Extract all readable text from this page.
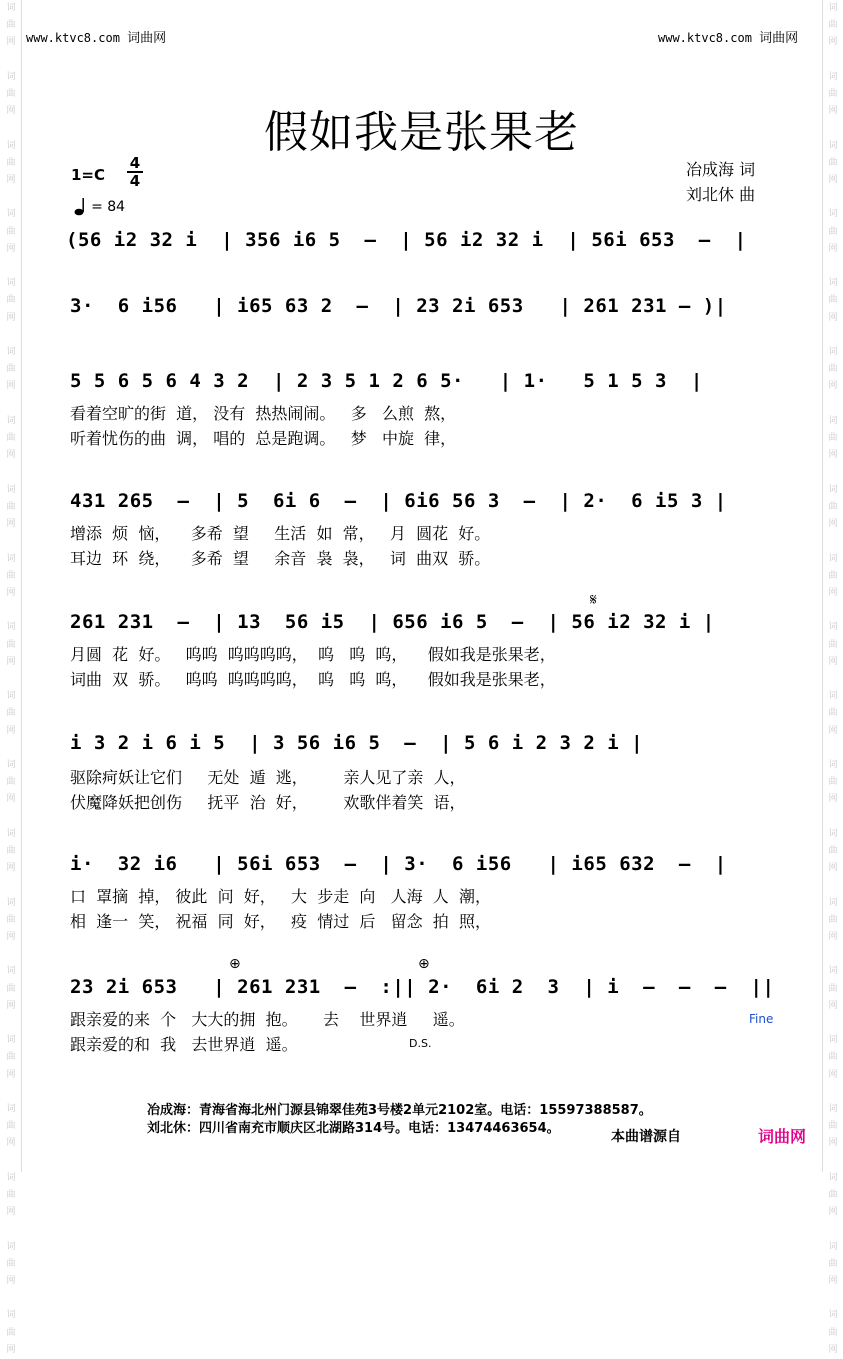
词
曲
网

词
曲
网

词
曲
网

词
曲
网

词
曲
网

词
曲
网

词
曲
网

词
曲
网

词
曲
网

词
曲
网

词
曲
网

词
曲
网

词
曲
网

词
曲
网

词
曲
网

词
曲
网

词
曲
网

词
曲
网

词
曲
网

词
曲
网

词
曲
网

词
曲
网

词
曲
网

词
曲
网

词
曲
网

词
曲
网

词
曲
网

词
曲
网

词
曲
网

词
曲
网

词
曲
网

词
曲
网

词
曲
网

词
曲
网

词
曲
网

词
曲
网

词
曲
网

词
曲
网

词
曲
网

词
曲
网

www.ktvc8.com 词曲网	www.ktvc8.com 词曲网
假如我是张果老
1=C
4
4
= 84
冶成海 词
刘北休 曲
(56 i2 32 i  | 356 i6 5  –  | 56 i2 32 i  | 56i 653  –  |
3·  6 i56   | i65 63 2  –  | 23 2i 653   | 261 231 – )|
5 5 6 5 6 4 3 2  | 2 3 5 1 2 6 5·   | 1·   5 1 5 3  |
看着空旷的街  道， 没有  热热闹闹。   多   么煎  熬，
听着忧伤的曲  调， 唱的  总是跑调。   梦   中旋  律，
431 265  –  | 5  6i 6  –  | 6i6 56 3  –  | 2·  6 i5 3 |
增添  烦  恼，    多希  望     生活  如  常，   月  圆花  好。
耳边  环  绕，    多希  望     余音  袅  袅，   词  曲双  骄。
𝄋
261 231  –  | 13  56 i5  | 656 i6 5  –  | 56 i2 32 i |
月圆  花  好。   呜呜  呜呜呜呜，  呜   呜  呜，    假如我是张果老，
词曲  双  骄。   呜呜  呜呜呜呜，  呜   呜  呜，    假如我是张果老，
i 3 2 i 6 i 5  | 3 56 i6 5  –  | 5 6 i 2 3 2 i |
驱除疴妖让它们     无处  遁  逃，       亲人见了亲  人，
伏魔降妖把创伤     抚平  治  好，       欢歌伴着笑  语，
i·  32 i6   | 56i 653  –  | 3·  6 i56   | i65 632  –  |
口  罩摘  掉， 彼此  问  好，   大  步走  向   人海  人  潮，
相  逢一  笑， 祝福  同  好，   疫  情过  后   留念  拍  照，
⊕	⊕
23 2i 653   | 261 231  –  :|| 2·  6i 2  3  | i  –  –  –  ||
跟亲爱的来  个   大大的拥  抱。     去    世界逍     遥。
跟亲爱的和  我   去世界逍  遥。	D.S.
Fine
冶成海：青海省海北州门源县锦翠佳苑3号楼2单元2102室。电话：15597388587。
刘北休：四川省南充市顺庆区北湖路314号。电话：13474463654。
本曲谱源自	词曲网
